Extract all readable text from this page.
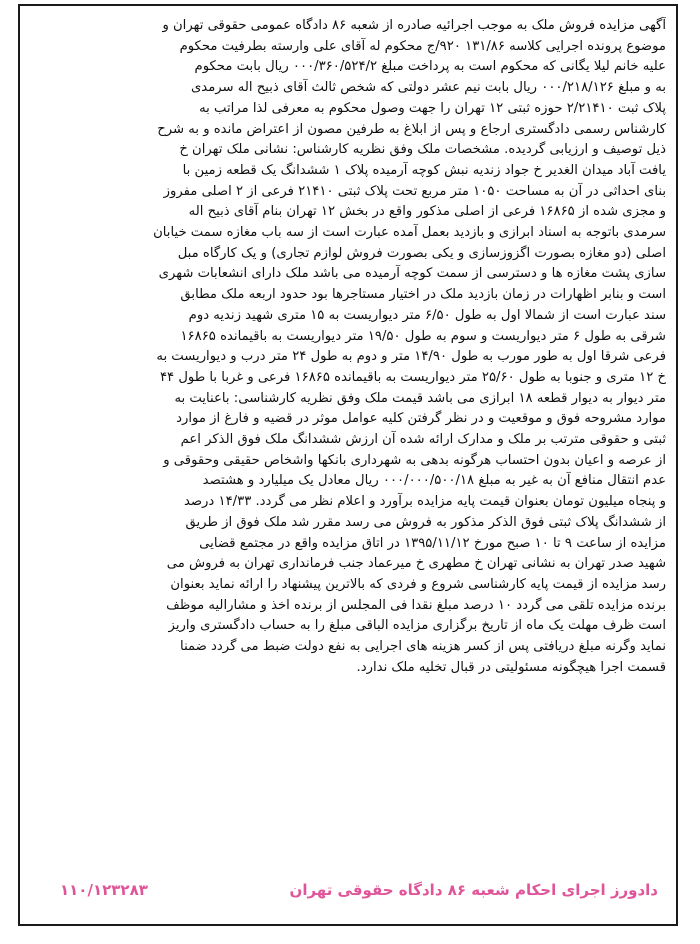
آگهی مزایده فروش ملک به موجب اجرائیه صادره از شعبه ۸۶ دادگاه عمومی حقوقی تهران و
موضوع پرونده اجرایی کلاسه ۱۳۱/۸۶ ۹۲۰/ج محکوم له آقای علی وارسته بطرفیت محکوم
علیه خانم لیلا یگانی که محکوم است به پرداخت مبلغ ۰۰۰/۳۶۰/۵۲۴/۲ ریال بابت محکوم
به و مبلغ ۰۰۰/۲۱۸/۱۲۶ ریال بابت نیم عشر دولتی که شخص ثالث آقای ذبیح اله سرمدی
پلاک ثبت ۲/۲۱۴۱۰ حوزه ثبتی ۱۲ تهران را جهت وصول محکوم به معرفی لذا مراتب به
کارشناس رسمی دادگستری ارجاع و پس از ابلاغ به طرفین مصون از اعتراض مانده و به شرح
ذیل توصیف و ارزیابی گردیده. مشخصات ملک وفق نظریه کارشناس: نشانی ملک تهران خ
یافت آباد میدان الغدیر خ جواد زندیه نبش کوچه آرمیده پلاک ۱ ششدانگ یک قطعه زمین با
بنای احداثی در آن به مساحت ۱۰۵۰ متر مربع تحت پلاک ثبتی ۲۱۴۱۰ فرعی از ۲ اصلی مفروز
و مجزی شده از ۱۶۸۶۵ فرعی از اصلی مذکور واقع در بخش ۱۲ تهران بنام آقای ذبیح اله
سرمدی باتوجه به اسناد ابرازی و بازدید بعمل آمده عبارت است از سه باب مغازه سمت خیابان
اصلی (دو مغازه بصورت اگزوزسازی و یکی بصورت فروش لوازم تجاری) و یک کارگاه مبل
سازی پشت مغازه ها و دسترسی از سمت کوچه آرمیده می باشد ملک دارای انشعابات شهری
است و بنابر اظهارات در زمان بازدید ملک در اختیار مستاجرها بود حدود اربعه ملک مطابق
سند عبارت است از شمالا اول به طول ۶/۵۰ متر دیواریست به ۱۵ متری شهید زندیه دوم
شرقی به طول ۶ متر دیواریست و سوم به طول ۱۹/۵۰ متر دیواریست به باقیمانده ۱۶۸۶۵
فرعی شرقا اول به طور مورب به طول ۱۴/۹۰ متر و دوم به طول ۲۴ متر درب و دیواریست به
خ ۱۲ متری و جنوبا به طول ۲۵/۶۰ متر دیواریست به باقیمانده ۱۶۸۶۵ فرعی و غربا با طول ۴۴
متر دیوار به دیوار قطعه ۱۸ ابرازی می باشد قیمت ملک وفق نظریه کارشناسی: باعنایت به
موارد مشروحه فوق و موقعیت و در نظر گرفتن کلیه عوامل موثر در قضیه و فارغ از موارد
ثبتی و حقوقی مترتب بر ملک و مدارک ارائه شده آن ارزش ششدانگ ملک فوق الذکر اعم
از عرصه و اعیان بدون احتساب هرگونه بدهی به شهرداری بانکها واشخاص حقیقی وحقوقی و
عدم انتقال منافع آن به غیر به مبلغ ۰۰۰/۰۰۰/۵۰۰/۱۸ ریال معادل یک میلیارد و هشتصد
و پنجاه میلیون تومان بعنوان قیمت پایه مزایده برآورد و اعلام نظر می گردد. ۱۴/۳۳ درصد
از ششدانگ پلاک ثبتی فوق الذکر مذکور به فروش می رسد مقرر شد ملک فوق از طریق
مزایده از ساعت ۹ تا ۱۰ صبح مورخ ۱۳۹۵/۱۱/۱۲ در اتاق مزایده واقع در مجتمع قضایی
شهید صدر تهران به نشانی تهران خ مطهری خ میرعماد جنب فرمانداری تهران به فروش می
رسد مزایده از قیمت پایه کارشناسی شروع و فردی که بالاترین پیشنهاد را ارائه نماید بعنوان
برنده مزایده تلقی می گردد ۱۰ درصد مبلغ نقدا فی المجلس از برنده اخذ و مشارالیه موظف
است ظرف مهلت یک ماه از تاریخ برگزاری مزایده الباقی مبلغ را به حساب دادگستری واریز
نماید وگرنه مبلغ دریافتی پس از کسر هزینه های اجرایی به نفع دولت ضبط می گردد ضمنا
قسمت اجرا هیچگونه مسئولیتی در قبال تخلیه ملک ندارد.
دادورز اجرای احکام شعبه ۸۶ دادگاه حقوقی تهران
۱۱۰/۱۲۳۲۸۳
